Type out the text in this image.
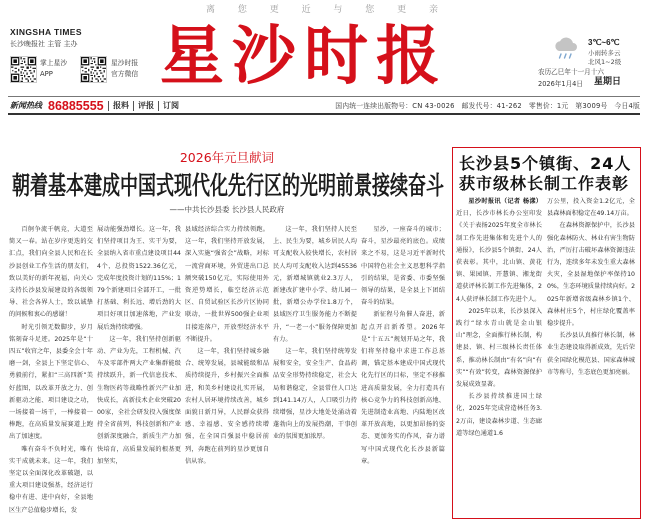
离 您 更 近 与 您 更 亲
XINGSHA TIMES
长沙晚报社 主管 主办
掌上星沙
APP
星沙时报
官方微信 星沙时报	3℃~6℃
小雨转多云
北风1~2级
农历乙巳年十一月十六
2026年1月4日 星期日
新闻热线 86885555	报料	评报	订阅	国内统一连续出版物号：CN 43-0026　邮发代号：41-262　零售价：1元　第3009号　今日4版
2026年元旦献词
朝着基本建成中国式现代化先行区的光明前景接续奋斗
——中共长沙县委 长沙县人民政府

百舸争流千帆竞，大道至简又一春。站在岁序更迭的交汇点，我们向全县人民和在长沙县创业工作生活的朋友们，致以美好的新年祝福，向关心支持长沙县发展建设的各级领导、社会各界人士，致以诚挚的问候和衷心的感谢！

时光引领无数脚步，岁月铭刻奋斗足迹。2025年是“十四五”收官之年，县委全会十年磨一剑，全县上下坚定信心、勇毅前行，紧扣“三高四新”美好蓝图，以改革开放之力、创新驱动之能、项目建设之功，一场接着一场干，一棒接着一棒跑，在高质量发展赛道上跑出了加速度。

唯有奋斗不负时光，唯有实干成就未来。这一年，我们坚定以全面深化改革破题，以重大项目建设强基，经济运行稳中有进、进中向好，全县地区生产总值稳步增长，发

展动能强劲增长。这一年，我们坚持项目为王、实干为要，全县纳入省市重点建设项目444个，总投资1522.36亿元，完成年度投资计划的115%；179个新建项目全部开工，一批打基础、利长远、增后劲的大项目好项目加速落地，产业发展后劲持续增强。

这一年，我们坚持创新驱动、产业为先，工程机械、汽车及零部件两大产业集群能级持续跃升，新一代信息技术、生物医药等战略性新兴产业加快成长，高新技术企业突破2000家，全社会研发投入强度保持全省前列，科技创新和产业创新深度融合，新质生产力加快培育，高质量发展的根基更加坚实，

县域经济综合实力持续领跑。这一年，我们坚持开放发展，深入实施“强省会”战略，对标一流营商环境，外贸进出口总额突破150亿元，实际使用外资逆势增长，临空经济示范区、自贸试验区长沙片区协同联动，一批世界500强企业项目接连落户，开放型经济水平不断提升。

这一年，我们坚持城乡融合、统筹发展，县城能级和品质持续提升，乡村振兴全面推进，和美乡村建设扎实开展，农村人居环境持续改善，城乡面貌日新月异，人民群众获得感、幸福感、安全感持续增强，在全国百强县中稳居前列，奔跑在前列的星沙更加自信从容。

这一年，我们坚持人民至上、民生为要，城乡居民人均可支配收入较快增长，农村居民人均可支配收入达到45536元，新增城镇就业2.3万人，新建改扩建中小学、幼儿园一批，新增公办学位1.8万个，县域医疗卫生服务能力不断提升，“一老一小”服务保障更加有力。

这一年，我们坚持统筹发展和安全，安全生产、食品药品安全形势持续稳定，社会大局和谐稳定，全县常住人口达到141.14万人，人口吸引力持续增强，星沙大地处处涌动着蓬勃向上的发展热潮，干事创业的氛围更加浓厚。

星沙，一座奋斗的城市；奋斗，星沙最亮的底色。成绩来之不易，这是习近平新时代中国特色社会主义思想科学指引的结果，是省委、市委坚强领导的结果，是全县上下团结奋斗的结果。

新征程号角催人奋进，新起点开启新希望。2026年是“十五五”规划开局之年，我们将坚持稳中求进工作总基调，锚定基本建成中国式现代化先行区的目标，坚定不移推进高质量发展，全力打造具有核心竞争力的科技创新高地、先进制造业高地、内陆地区改革开放高地，以更加昂扬的姿态、更加务实的作风，奋力谱写中国式现代化长沙县新篇章。

长沙县5个镇街、24人
获市级林长制工作表彰

星沙时报讯（记者 杨漾）近日，长沙市林长办公室印发《关于表扬2025年度全市林长制工作先进集体和先进个人的通报》，长沙县5个镇街、24人获表彰。其中，北山镇、黄花镇、果园镇、开慧镇、湘龙街道获评林长制工作先进集体，24人获评林长制工作先进个人。

2025年以来，长沙县深入践行“绿水青山就是金山银山”理念，全面推行林长制，构建县、镇、村三级林长责任体系，推动林长制由“有名”向“有实”“有效”转变，森林资源保护发展成效显著。

长沙县持续推进国土绿化，2025年完成营造林任务3.2万亩，建设森林步道、生态廊道等绿色通道1.6

万公里，投入资金1.2亿元，全县森林面积稳定在49.14万亩。

在森林资源保护中，长沙县强化森林防火、林业有害生物防治，严厉打击破坏森林资源违法行为，连续多年未发生重大森林火灾，全县湿地保护率保持100%，生态环境质量持续向好。2025年新增省级森林乡镇1个、森林村庄5个，村庄绿化覆盖率稳步提升。

长沙县认真推行林长制，林业生态建设取得新成效，先后荣获全国绿化模范县、国家森林城市等称号，生态底色更加亮丽。
